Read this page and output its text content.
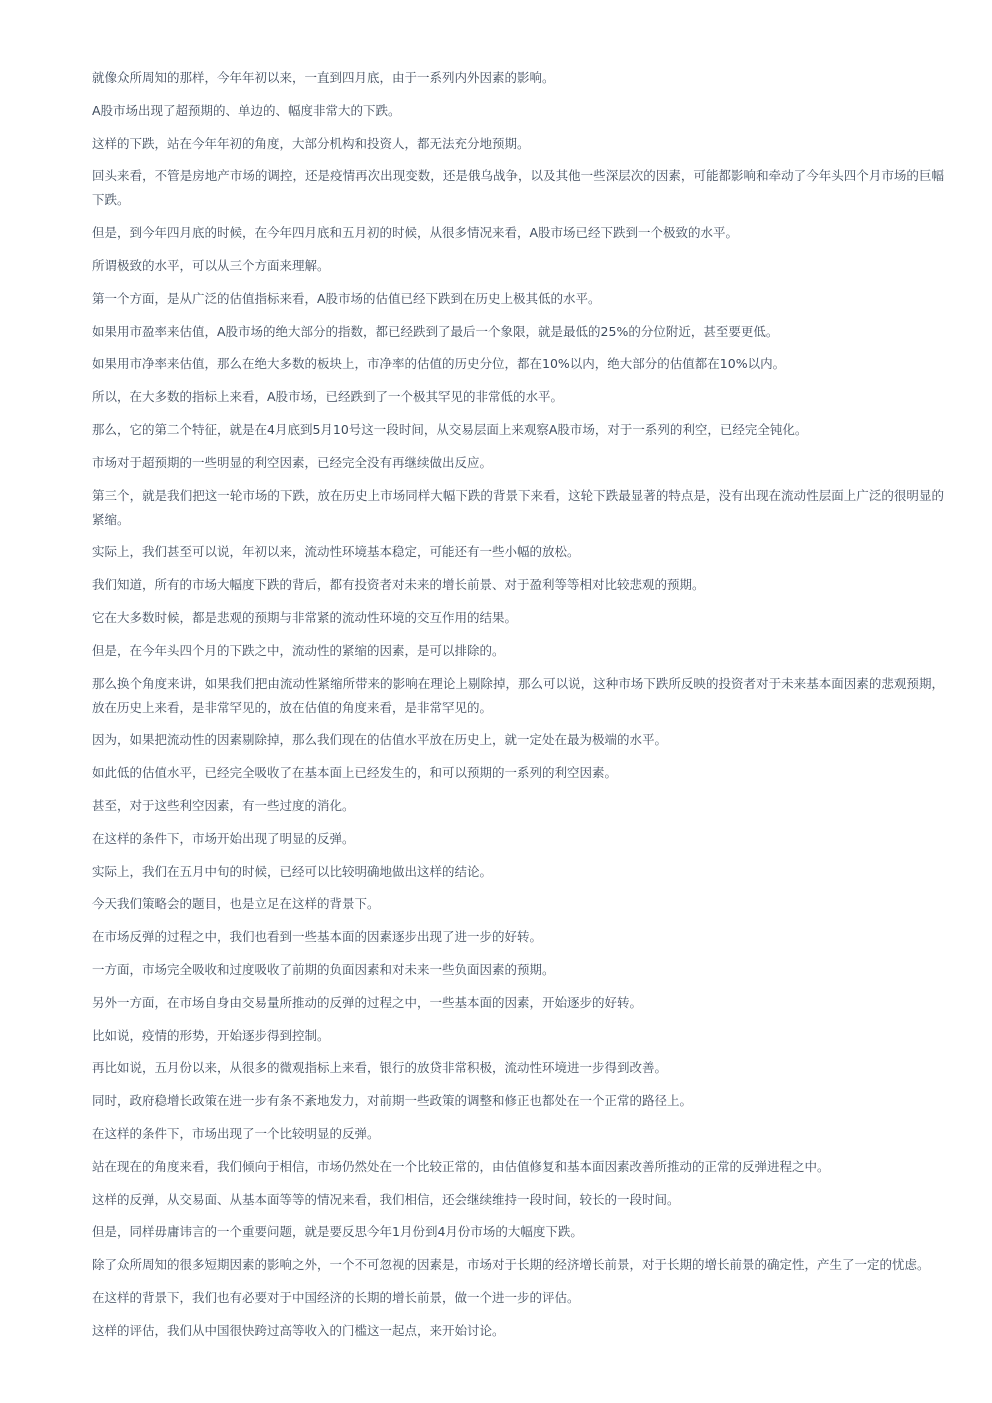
就像众所周知的那样，今年年初以来，一直到四月底，由于一系列内外因素的影响。

A股市场出现了超预期的、单边的、幅度非常大的下跌。

这样的下跌，站在今年年初的角度，大部分机构和投资人，都无法充分地预期。

回头来看，不管是房地产市场的调控，还是疫情再次出现变数，还是俄乌战争，以及其他一些深层次的因素，可能都影响和牵动了今年头四个月市场的巨幅下跌。

但是，到今年四月底的时候，在今年四月底和五月初的时候，从很多情况来看，A股市场已经下跌到一个极致的水平。

所谓极致的水平，可以从三个方面来理解。

第一个方面，是从广泛的估值指标来看，A股市场的估值已经下跌到在历史上极其低的水平。

如果用市盈率来估值，A股市场的绝大部分的指数，都已经跌到了最后一个象限，就是最低的25%的分位附近，甚至要更低。

如果用市净率来估值，那么在绝大多数的板块上，市净率的估值的历史分位，都在10%以内，绝大部分的估值都在10%以内。

所以，在大多数的指标上来看，A股市场，已经跌到了一个极其罕见的非常低的水平。

那么，它的第二个特征，就是在4月底到5月10号这一段时间，从交易层面上来观察A股市场，对于一系列的利空，已经完全钝化。

市场对于超预期的一些明显的利空因素，已经完全没有再继续做出反应。

第三个，就是我们把这一轮市场的下跌，放在历史上市场同样大幅下跌的背景下来看，这轮下跌最显著的特点是，没有出现在流动性层面上广泛的很明显的紧缩。

实际上，我们甚至可以说，年初以来，流动性环境基本稳定，可能还有一些小幅的放松。

我们知道，所有的市场大幅度下跌的背后，都有投资者对未来的增长前景、对于盈利等等相对比较悲观的预期。

它在大多数时候，都是悲观的预期与非常紧的流动性环境的交互作用的结果。

但是，在今年头四个月的下跌之中，流动性的紧缩的因素，是可以排除的。

那么换个角度来讲，如果我们把由流动性紧缩所带来的影响在理论上剔除掉，那么可以说，这种市场下跌所反映的投资者对于未来基本面因素的悲观预期，放在历史上来看，是非常罕见的，放在估值的角度来看，是非常罕见的。

因为，如果把流动性的因素剔除掉，那么我们现在的估值水平放在历史上，就一定处在最为极端的水平。

如此低的估值水平，已经完全吸收了在基本面上已经发生的，和可以预期的一系列的利空因素。

甚至，对于这些利空因素，有一些过度的消化。

在这样的条件下，市场开始出现了明显的反弹。

实际上，我们在五月中旬的时候，已经可以比较明确地做出这样的结论。

今天我们策略会的题目，也是立足在这样的背景下。

在市场反弹的过程之中，我们也看到一些基本面的因素逐步出现了进一步的好转。

一方面，市场完全吸收和过度吸收了前期的负面因素和对未来一些负面因素的预期。

另外一方面，在市场自身由交易量所推动的反弹的过程之中，一些基本面的因素，开始逐步的好转。

比如说，疫情的形势，开始逐步得到控制。

再比如说，五月份以来，从很多的微观指标上来看，银行的放贷非常积极，流动性环境进一步得到改善。

同时，政府稳增长政策在进一步有条不紊地发力，对前期一些政策的调整和修正也都处在一个正常的路径上。

在这样的条件下，市场出现了一个比较明显的反弹。

站在现在的角度来看，我们倾向于相信，市场仍然处在一个比较正常的，由估值修复和基本面因素改善所推动的正常的反弹进程之中。

这样的反弹，从交易面、从基本面等等的情况来看，我们相信，还会继续维持一段时间，较长的一段时间。

但是，同样毋庸讳言的一个重要问题，就是要反思今年1月份到4月份市场的大幅度下跌。

除了众所周知的很多短期因素的影响之外，一个不可忽视的因素是，市场对于长期的经济增长前景，对于长期的增长前景的确定性，产生了一定的忧虑。

在这样的背景下，我们也有必要对于中国经济的长期的增长前景，做一个进一步的评估。

这样的评估，我们从中国很快跨过高等收入的门槛这一起点，来开始讨论。
